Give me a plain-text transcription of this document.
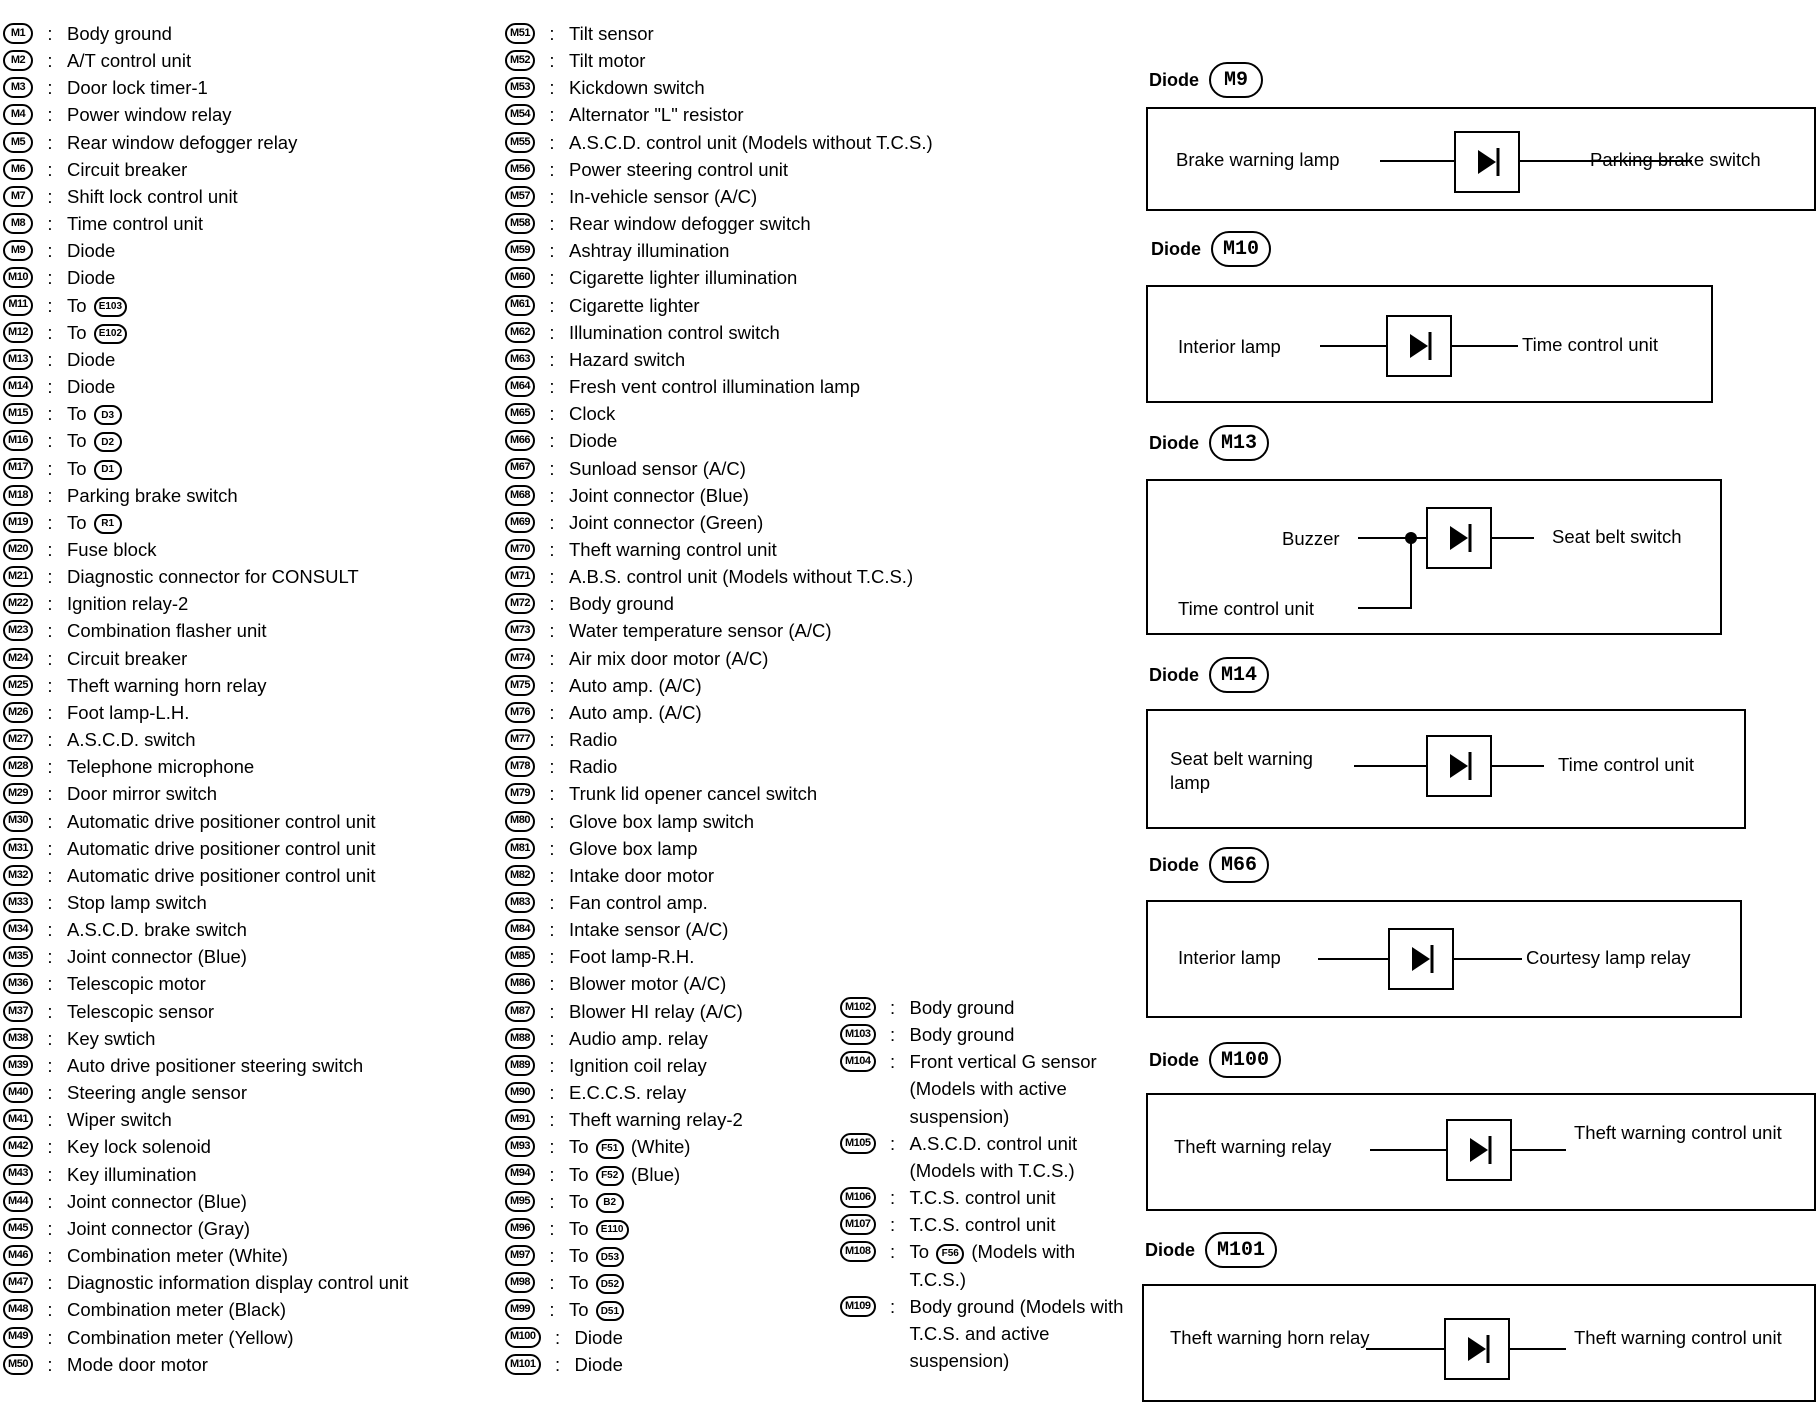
M1	: Body ground
M2	: A/T control unit
M3	: Door lock timer-1
M4	: Power window relay
M5	: Rear window defogger relay
M6	: Circuit breaker
M7	: Shift lock control unit
M8	: Time control unit
M9	: Diode
M10	: Diode
M11	: To E103
M12	: To E102
M13	: Diode
M14	: Diode
M15	: To D3
M16	: To D2
M17	: To D1
M18	: Parking brake switch
M19	: To R1
M20	: Fuse block
M21	: Diagnostic connector for CONSULT
M22	: Ignition relay-2
M23	: Combination flasher unit
M24	: Circuit breaker
M25	: Theft warning horn relay
M26	: Foot lamp-L.H.
M27	: A.S.C.D. switch
M28	: Telephone microphone
M29	: Door mirror switch
M30	: Automatic drive positioner control unit
M31	: Automatic drive positioner control unit
M32	: Automatic drive positioner control unit
M33	: Stop lamp switch
M34	: A.S.C.D. brake switch
M35	: Joint connector (Blue)
M36	: Telescopic motor
M37	: Telescopic sensor
M38	: Key swtich
M39	: Auto drive positioner steering switch
M40	: Steering angle sensor
M41	: Wiper switch
M42	: Key lock solenoid
M43	: Key illumination
M44	: Joint connector (Blue)
M45	: Joint connector (Gray)
M46	: Combination meter (White)
M47	: Diagnostic information display control unit
M48	: Combination meter (Black)
M49	: Combination meter (Yellow)
M50	: Mode door motor
M51	: Tilt sensor
M52	: Tilt motor
M53	: Kickdown switch
M54	: Alternator "L" resistor
M55	: A.S.C.D. control unit (Models without T.C.S.)
M56	: Power steering control unit
M57	: In-vehicle sensor (A/C)
M58	: Rear window defogger switch
M59	: Ashtray illumination
M60	: Cigarette lighter illumination
M61	: Cigarette lighter
M62	: Illumination control switch
M63	: Hazard switch
M64	: Fresh vent control illumination lamp
M65	: Clock
M66	: Diode
M67	: Sunload sensor (A/C)
M68	: Joint connector (Blue)
M69	: Joint connector (Green)
M70	: Theft warning control unit
M71	: A.B.S. control unit (Models without T.C.S.)
M72	: Body ground
M73	: Water temperature sensor (A/C)
M74	: Air mix door motor (A/C)
M75	: Auto amp. (A/C)
M76	: Auto amp. (A/C)
M77	: Radio
M78	: Radio
M79	: Trunk lid opener cancel switch
M80	: Glove box lamp switch
M81	: Glove box lamp
M82	: Intake door motor
M83	: Fan control amp.
M84	: Intake sensor (A/C)
M85	: Foot lamp-R.H.
M86	: Blower motor (A/C)
M87	: Blower HI relay (A/C)
M88	: Audio amp. relay
M89	: Ignition coil relay
M90	: E.C.C.S. relay
M91	: Theft warning relay-2
M93	: To F51 (White)
M94	: To F52 (Blue)
M95	: To B2
M96	: To E110
M97	: To D53
M98	: To D52
M99	: To D51
M100	: Diode
M101	: Diode
M102	: Body ground
M103	: Body ground
M104	: Front vertical G sensor (Models with active suspension)
M105	: A.S.C.D. control unit (Models with T.C.S.)
M106	: T.C.S. control unit
M107	: T.C.S. control unit
M108	: To F56 (Models with T.C.S.)
M109	: Body ground (Models with T.C.S. and active suspension)
Diode	M9
Brake warning lamp	Parking brake switch
Diode	M10
Interior lamp	Time control unit
Diode	M13
Buzzer
Time control unit
Seat belt switch
Diode	M14
Seat belt warning lamp
Time control unit
Diode	M66
Interior lamp	Courtesy lamp relay
Diode	M100
Theft warning relay
Theft warning control unit
Diode	M101
Theft warning horn relay	Theft warning control unit
